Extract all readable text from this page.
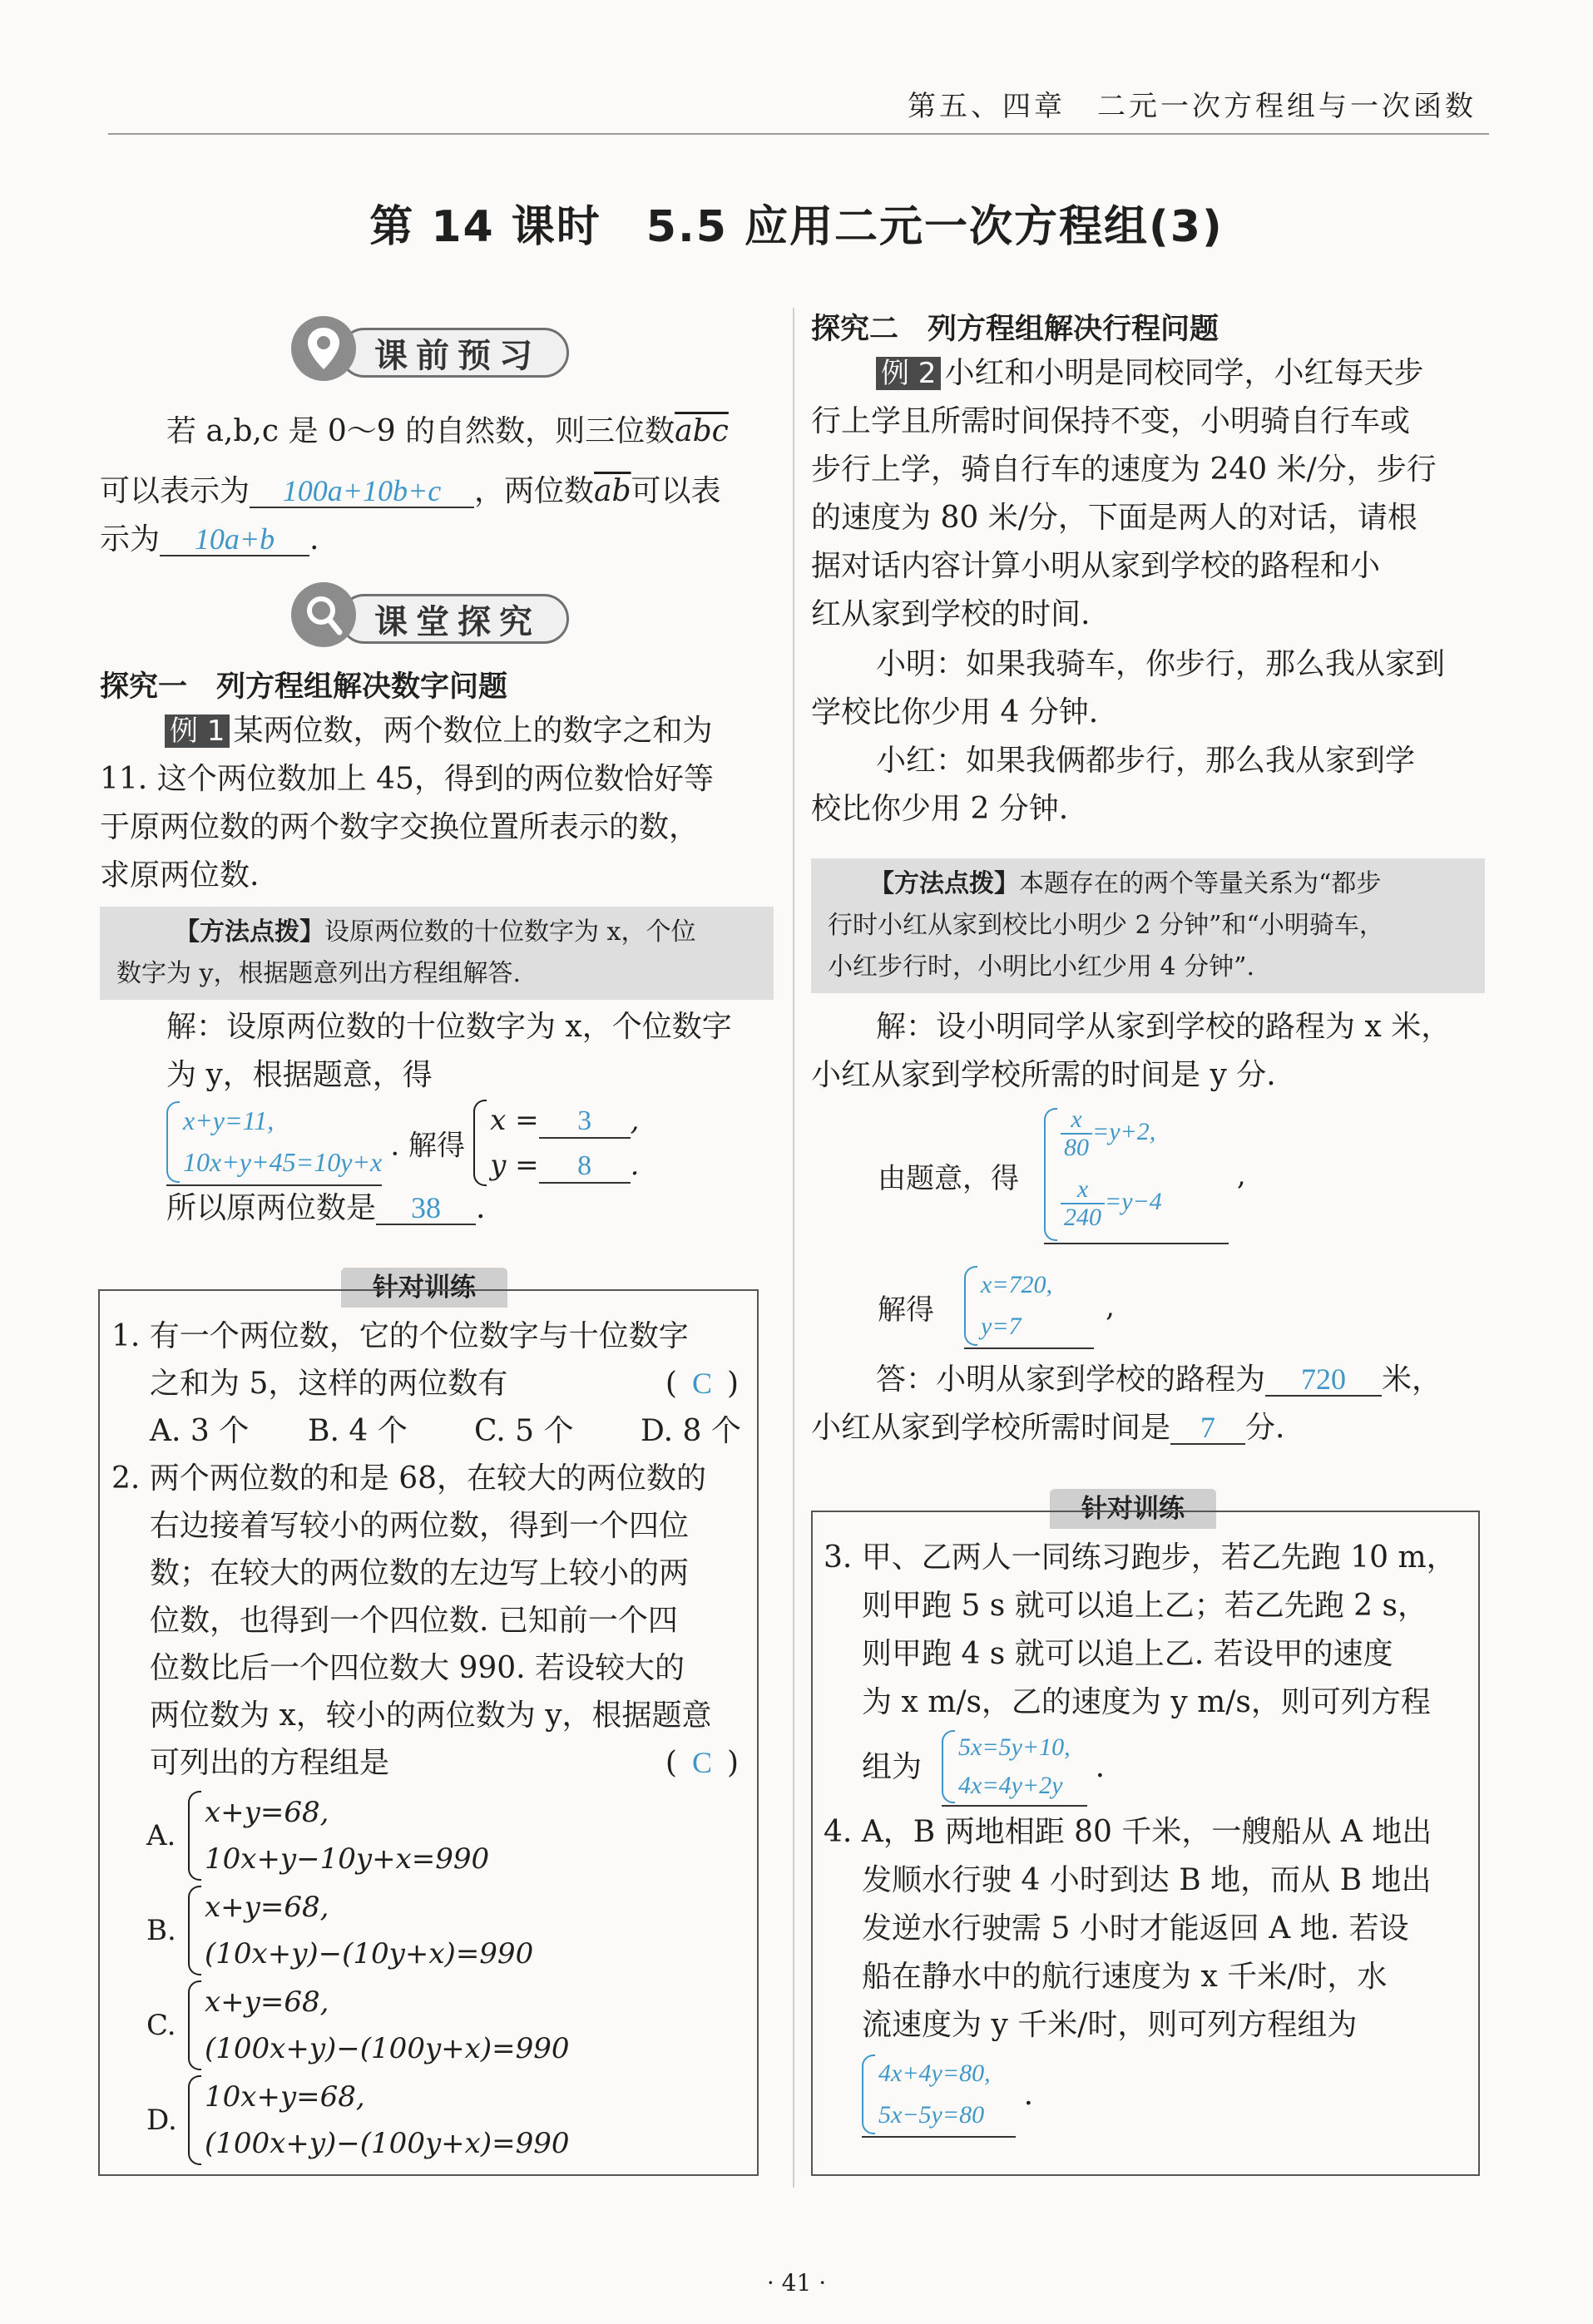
第五、四章　二元一次方程组与一次函数
第 14 课时　5.5 应用二元一次方程组(3)
课前预习
若 a,b,c 是 0～9 的自然数，则三位数$\overline{abc}$
可以表示为 100a+10b+c ，两位数$\overline{ab}$可以表
示为 10a+b .
课堂探究
探究一　列方程组解决数字问题
例 1 某两位数，两个数位上的数字之和为
11. 这个两位数加上 45，得到的两位数恰好等
于原两位数的两个数字交换位置所表示的数，
求原两位数.
【方法点拨】设原两位数的十位数字为 x，个位
数字为 y，根据题意列出方程组解答.
解：设原两位数的十位数字为 x，个位数字
为 y，根据题意，得
x+y=11,
10x+y+45=10y+x . 解得
x = 3 ,
y = 8 .
所以原两位数是 38 .
针对训练
1. 有一个两位数，它的个位数字与十位数字
之和为 5，这样的两位数有	( C )
A. 3 个	B. 4 个	C. 5 个	D. 8 个
2. 两个两位数的和是 68，在较大的两位数的
右边接着写较小的两位数，得到一个四位
数；在较大的两位数的左边写上较小的两
位数，也得到一个四位数. 已知前一个四
位数比后一个四位数大 990. 若设较大的
两位数为 x，较小的两位数为 y，根据题意
可列出的方程组是	( C )
A.
x+y=68,
10x+y−10y+x=990
B.
x+y=68,
(10x+y)−(10y+x)=990
C.
x+y=68,
(100x+y)−(100y+x)=990
D.
10x+y=68,
(100x+y)−(100y+x)=990
探究二　列方程组解决行程问题
例 2 小红和小明是同校同学，小红每天步
行上学且所需时间保持不变，小明骑自行车或
步行上学，骑自行车的速度为 240 米/分，步行
的速度为 80 米/分，下面是两人的对话，请根
据对话内容计算小明从家到学校的路程和小
红从家到学校的时间.
小明：如果我骑车，你步行，那么我从家到
学校比你少用 4 分钟.
小红：如果我俩都步行，那么我从家到学
校比你少用 2 分钟.
【方法点拨】本题存在的两个等量关系为“都步
行时小红从家到校比小明少 2 分钟”和“小明骑车，
小红步行时，小明比小红少用 4 分钟”.
解：设小明同学从家到学校的路程为 x 米，
小红从家到学校所需的时间是 y 分.
由题意，得
$\frac{x}{80} =y+2$,
$\frac{x}{240} =y-4$
,
解得
x=720,
y=7
,
答：小明从家到学校的路程为 720 米，
小红从家到学校所需时间是 7 分.
针对训练
3. 甲、乙两人一同练习跑步，若乙先跑 10 m，
则甲跑 5 s 就可以追上乙；若乙先跑 2 s，
则甲跑 4 s 就可以追上乙. 若设甲的速度
为 x m/s，乙的速度为 y m/s，则可列方程
组为
5x=5y+10,
4x=4y+2y
.
4. A，B 两地相距 80 千米，一艘船从 A 地出
发顺水行驶 4 小时到达 B 地，而从 B 地出
发逆水行驶需 5 小时才能返回 A 地. 若设
船在静水中的航行速度为 x 千米/时，水
流速度为 y 千米/时，则可列方程组为
4x+4y=80,
5x−5y=80
.
· 41 ·
